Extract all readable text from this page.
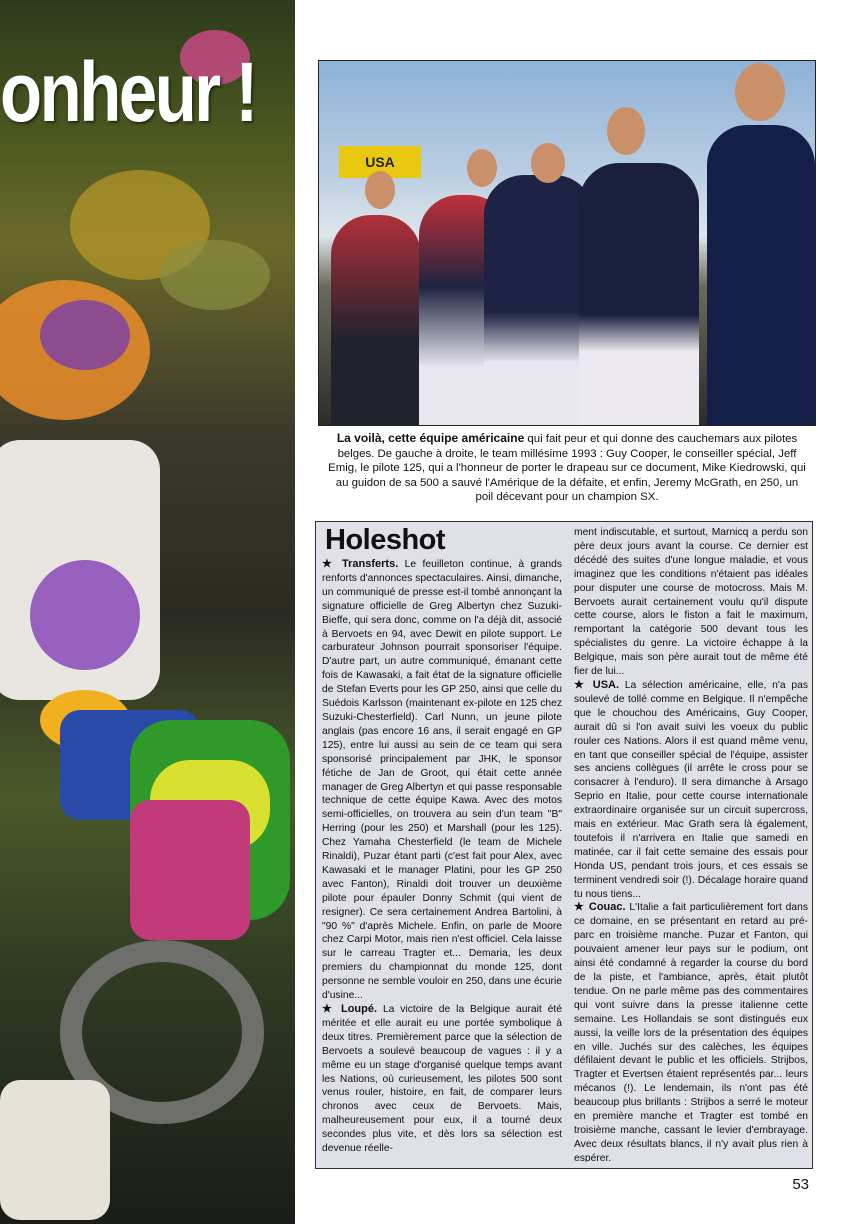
onheur !
USA
La voilà, cette équipe américaine qui fait peur et qui donne des cauchemars aux pilotes belges. De gauche à droite, le team millésime 1993 : Guy Cooper, le conseiller spécial, Jeff Emig, le pilote 125, qui a l'honneur de porter le drapeau sur ce document, Mike Kiedrowski, qui au guidon de sa 500 a sauvé l'Amérique de la défaite, et enfin, Jeremy McGrath, en 250, un poil décevant pour un champion SX.
Holeshot

★ Transferts. Le feuilleton continue, à grands renforts d'annonces spectaculaires. Ainsi, dimanche, un communiqué de presse est-il tombé annonçant la signature officielle de Greg Albertyn chez Suzuki-Bieffe, qui sera donc, comme on l'a déjà dit, associé à Bervoets en 94, avec Dewit en pilote support. Le carburateur Johnson pourrait sponsoriser l'équipe. D'autre part, un autre communiqué, émanant cette fois de Kawasaki, a fait état de la signature officielle de Stefan Everts pour les GP 250, ainsi que celle du Suédois Karlsson (maintenant ex-pilote en 125 chez Suzuki-Chesterfield). Carl Nunn, un jeune pilote anglais (pas encore 16 ans, il serait engagé en GP 125), entre lui aussi au sein de ce team qui sera sponsorisé principalement par JHK, le sponsor fétiche de Jan de Groot, qui était cette année manager de Greg Albertyn et qui passe responsable technique de cette équipe Kawa. Avec des motos semi-officielles, on trouvera au sein d'un team "B" Herring (pour les 250) et Marshall (pour les 125). Chez Yamaha Chesterfield (le team de Michele Rinaldi), Puzar étant parti (c'est fait pour Alex, avec Kawasaki et le manager Platini, pour les GP 250 avec Fanton), Rinaldi doit trouver un deuxième pilote pour épauler Donny Schmit (qui vient de resigner). Ce sera certainement Andrea Bartolini, à "90 %" d'après Michele. Enfin, on parle de Moore chez Carpi Motor, mais rien n'est officiel. Cela laisse sur le carreau Tragter et... Demaria, les deux premiers du championnat du monde 125, dont personne ne semble vouloir en 250, dans une écurie d'usine...

★ Loupé. La victoire de la Belgique aurait été méritée et elle aurait eu une portée symbolique à deux titres. Premièrement parce que la sélection de Bervoets a soulevé beaucoup de vagues : il y a même eu un stage d'organisé quelque temps avant les Nations, où curieusement, les pilotes 500 sont venus rouler, histoire, en fait, de comparer leurs chronos avec ceux de Bervoets. Mais, malheureusement pour eux, il a tourné deux secondes plus vite, et dès lors sa sélection est devenue réelle-

ment indiscutable, et surtout, Marnicq a perdu son père deux jours avant la course. Ce dernier est décédé des suites d'une longue maladie, et vous imaginez que les conditions n'étaient pas idéales pour disputer une course de motocross. Mais M. Bervoets aurait certainement voulu qu'il dispute cette course, alors le fiston a fait le maximum, remportant la catégorie 500 devant tous les spécialistes du genre. La victoire échappe à la Belgique, mais son père aurait tout de même été fier de lui...

★ USA. La sélection américaine, elle, n'a pas soulevé de tollé comme en Belgique. Il n'empêche que le chouchou des Américains, Guy Cooper, aurait dû si l'on avait suivi les voeux du public rouler ces Nations. Alors il est quand même venu, en tant que conseiller spécial de l'équipe, assister ses anciens collègues (il arrête le cross pour se consacrer à l'enduro). Il sera dimanche à Arsago Seprio en Italie, pour cette course internationale extraordinaire organisée sur un circuit supercross, mais en extérieur. Mac Grath sera là également, toutefois il n'arrivera en Italie que samedi en matinée, car il fait cette semaine des essais pour Honda US, pendant trois jours, et ces essais se terminent vendredi soir (!). Décalage horaire quand tu nous tiens...

★ Couac. L'Italie a fait particulièrement fort dans ce domaine, en se présentant en retard au pré-parc en troisième manche. Puzar et Fanton, qui pouvaient amener leur pays sur le podium, ont ainsi été condamné à regarder la course du bord de la piste, et l'ambiance, après, était plutôt tendue. On ne parle même pas des commentaires qui vont suivre dans la presse italienne cette semaine. Les Hollandais se sont distingués eux aussi, la veille lors de la présentation des équipes en ville. Juchés sur des calèches, les équipes défilaient devant le public et les officiels. Strijbos, Tragter et Evertsen étaient représentés par... leurs mécanos (!). Le lendemain, ils n'ont pas été beaucoup plus brillants : Strijbos a serré le moteur en première manche et Tragter est tombé en troisième manche, cassant le levier d'embrayage. Avec deux résultats blancs, il n'y avait plus rien à espérer.

53
